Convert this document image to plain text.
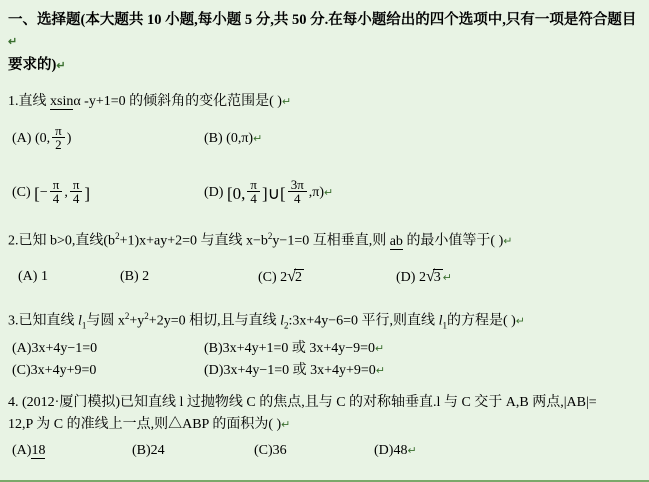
一、选择题(本大题共 10 小题,每小题 5 分,共 50 分.在每小题给出的四个选项中,只有一项是符合题目↵
要求的)↵
1.直线 xsinα -y+1=0 的倾斜角的变化范围是( )↵
(A) (0, $\frac{\pi}{2}$ )	(B) (0,π)↵
(C) [− $\frac{\pi}{4}$ , $\frac{\pi}{4}$ ]	(D) [0, $\frac{\pi}{4}$ ]∪[ $\frac{3\pi}{4}$ ,π)↵
2.已知 b>0,直线$(b^2+1)x+ay+2=0$ 与直线 $x-b^2y-1=0$ 互相垂直,则 ab 的最小值等于( )↵
(A) 1	(B) 2	(C) 2√2	(D) 2√3 ↵
3.已知直线 $l_1$与圆 $x^2+y^2+2y=0$ 相切,且与直线 $l_2:3x+4y-6=0$ 平行,则直线 $l_1$的方程是( )↵
(A)3x+4y−1=0	(B)3x+4y+1=0 或 3x+4y−9=0↵
(C)3x+4y+9=0	(D)3x+4y−1=0 或 3x+4y+9=0↵
4. (2012·厦门模拟)已知直线 l 过抛物线 C 的焦点,且与 C 的对称轴垂直.l 与 C 交于 A,B 两点,|AB|=
12,P 为 C 的准线上一点,则△ABP 的面积为( )↵
(A)18	(B)24	(C)36	(D)48↵
